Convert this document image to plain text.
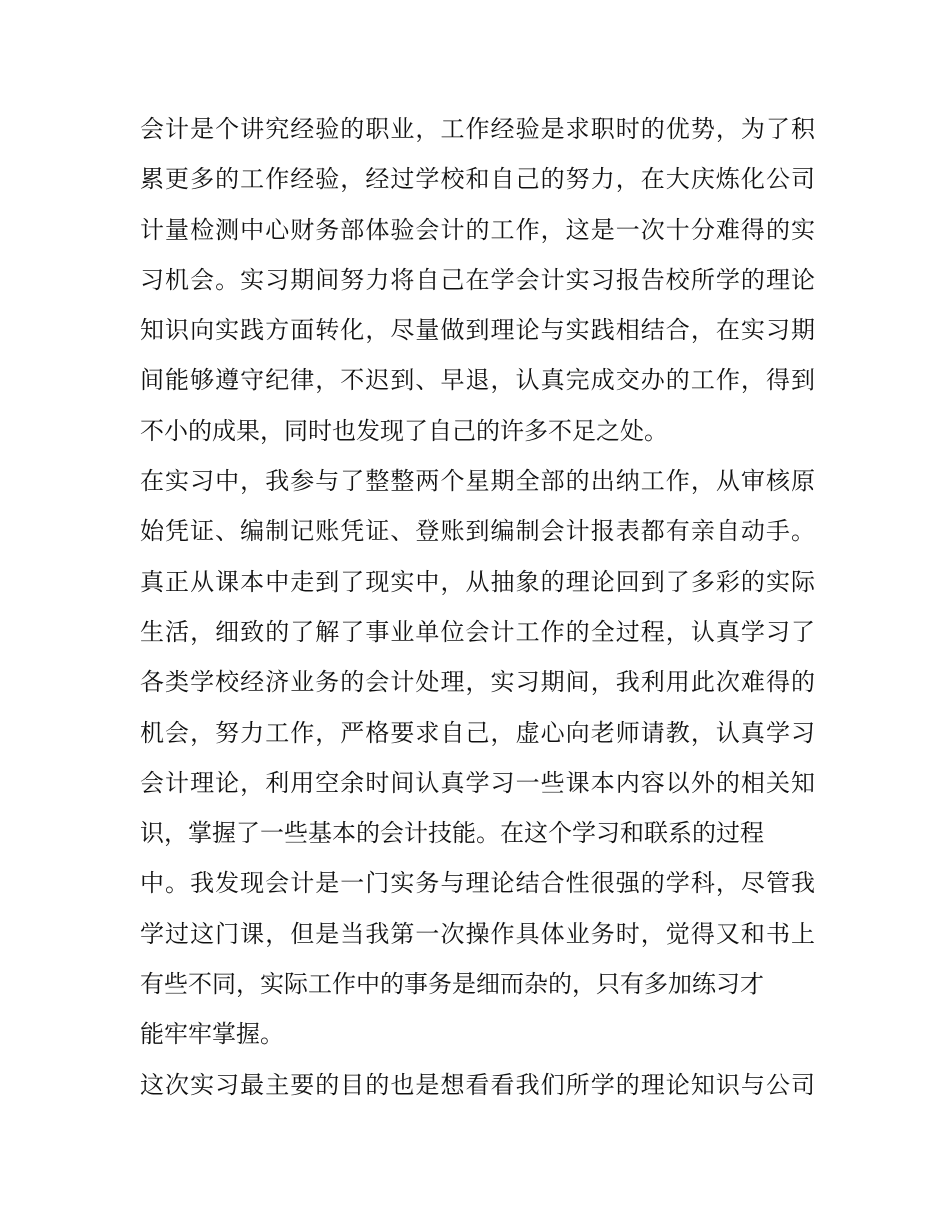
会计是个讲究经验的职业，工作经验是求职时的优势，为了积
累更多的工作经验，经过学校和自己的努力，在大庆炼化公司
计量检测中心财务部体验会计的工作，这是一次十分难得的实
习机会。实习期间努力将自己在学会计实习报告校所学的理论
知识向实践方面转化，尽量做到理论与实践相结合，在实习期
间能够遵守纪律，不迟到、早退，认真完成交办的工作，得到
不小的成果，同时也发现了自己的许多不足之处。
在实习中，我参与了整整两个星期全部的出纳工作，从审核原
始凭证、编制记账凭证、登账到编制会计报表都有亲自动手。
真正从课本中走到了现实中，从抽象的理论回到了多彩的实际
生活，细致的了解了事业单位会计工作的全过程，认真学习了
各类学校经济业务的会计处理，实习期间，我利用此次难得的
机会，努力工作，严格要求自己，虚心向老师请教，认真学习
会计理论，利用空余时间认真学习一些课本内容以外的相关知
识，掌握了一些基本的会计技能。在这个学习和联系的过程
中。我发现会计是一门实务与理论结合性很强的学科，尽管我
学过这门课，但是当我第一次操作具体业务时，觉得又和书上
有些不同，实际工作中的事务是细而杂的，只有多加练习才
能牢牢掌握。
这次实习最主要的目的也是想看看我们所学的理论知识与公司
